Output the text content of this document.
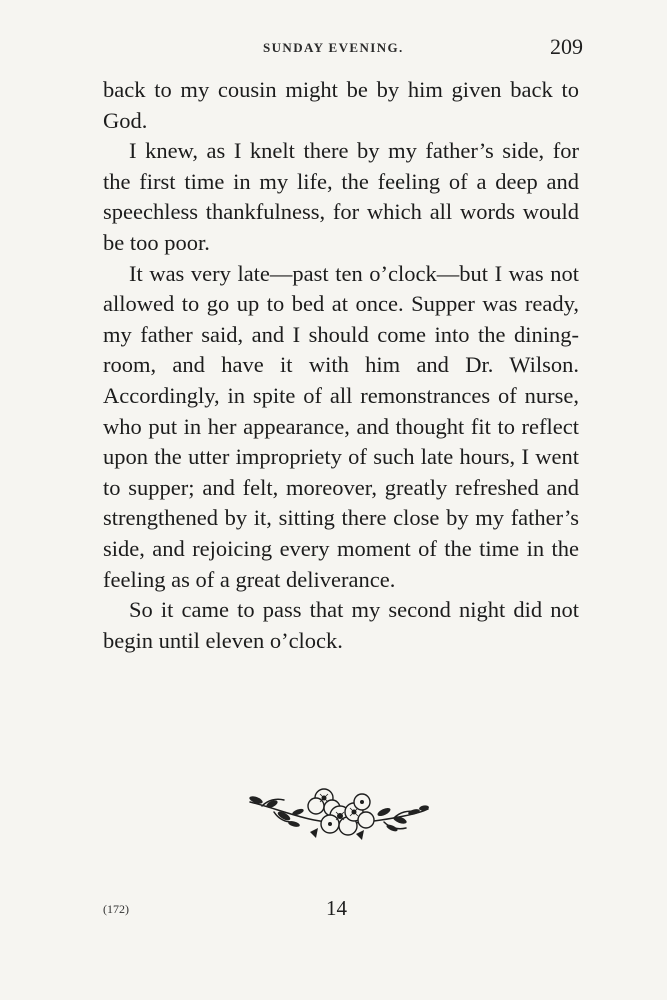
SUNDAY EVENING.	209

back to my cousin might be by him given back to God.

I knew, as I knelt there by my father’s side, for the first time in my life, the feeling of a deep and speechless thankfulness, for which all words would be too poor.

It was very late—past ten o’clock—but I was not allowed to go up to bed at once. Supper was ready, my father said, and I should come into the dining-room, and have it with him and Dr. Wilson. Accordingly, in spite of all remonstrances of nurse, who put in her appearance, and thought fit to reflect upon the utter impropriety of such late hours, I went to supper; and felt, moreover, greatly refreshed and strengthened by it, sitting there close by my father’s side, and rejoicing every moment of the time in the feeling as of a great deliverance.

So it came to pass that my second night did not begin until eleven o’clock.

(172)	14
